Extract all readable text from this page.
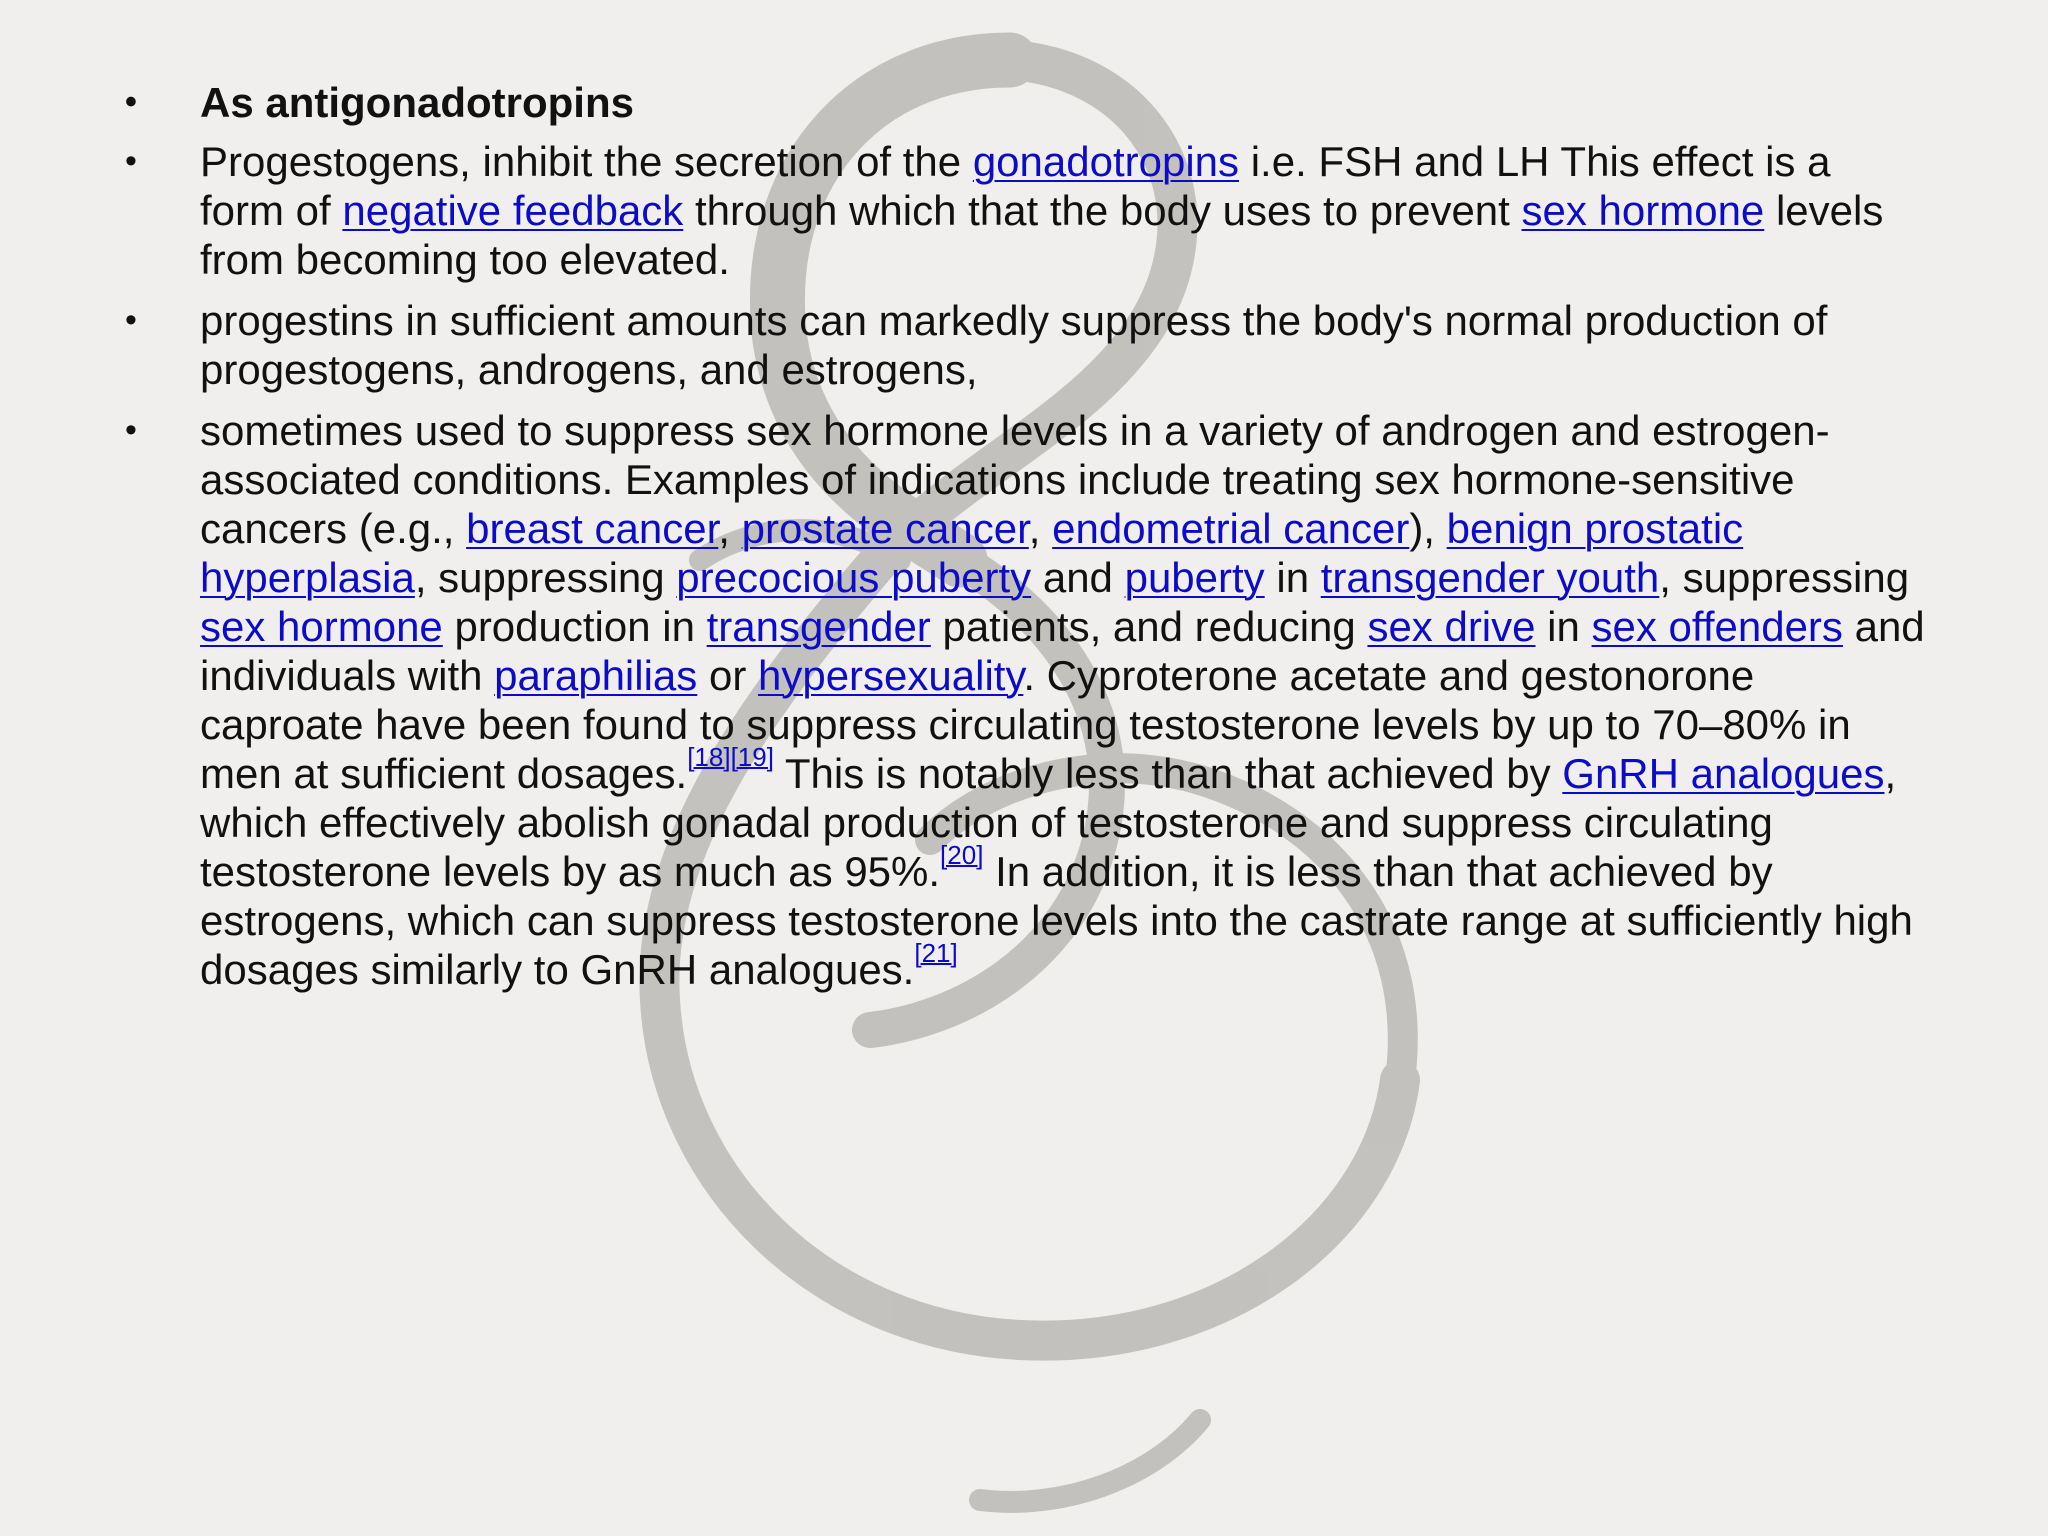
•	As antigonadotropins
•	Progestogens, inhibit the secretion of the gonadotropins i.e. FSH and LH This effect is a form of negative feedback through which that the body uses to prevent sex hormone levels from becoming too elevated.
•	progestins in sufficient amounts can markedly suppress the body's normal production of progestogens, androgens, and estrogens,
•	sometimes used to suppress sex hormone levels in a variety of androgen and estrogen-associated conditions. Examples of indications include treating sex hormone-sensitive cancers (e.g., breast cancer, prostate cancer, endometrial cancer), benign prostatic hyperplasia, suppressing precocious puberty and puberty in transgender youth, suppressing sex hormone production in transgender patients, and reducing sex drive in sex offenders and individuals with paraphilias or hypersexuality. Cyproterone acetate and gestonorone caproate have been found to suppress circulating testosterone levels by up to 70–80% in men at sufficient dosages.[18][19] This is notably less than that achieved by GnRH analogues, which effectively abolish gonadal production of testosterone and suppress circulating testosterone levels by as much as 95%.[20] In addition, it is less than that achieved by estrogens, which can suppress testosterone levels into the castrate range at sufficiently high dosages similarly to GnRH analogues.[21]
